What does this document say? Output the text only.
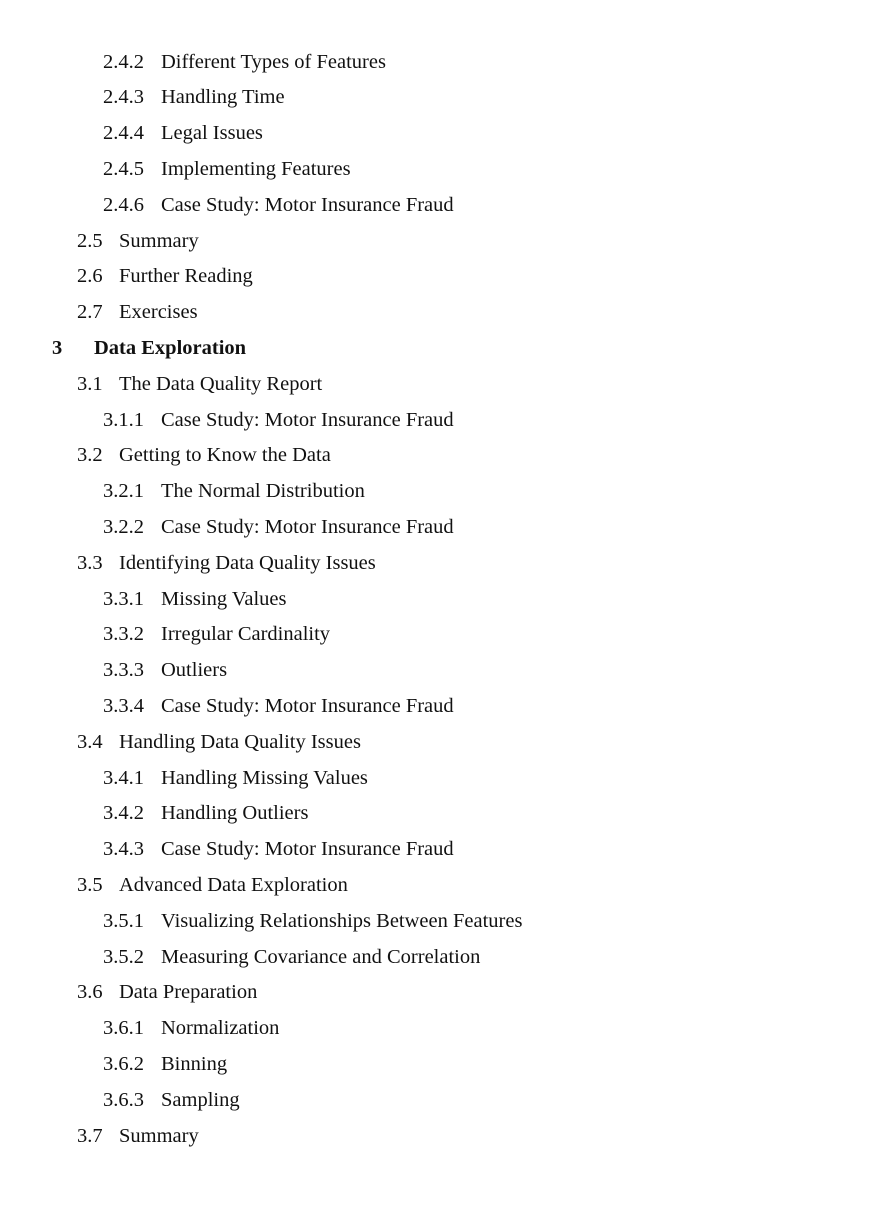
2.4.2 Different Types of Features
2.4.3 Handling Time
2.4.4 Legal Issues
2.4.5 Implementing Features
2.4.6 Case Study: Motor Insurance Fraud
2.5 Summary
2.6 Further Reading
2.7 Exercises
3	Data Exploration
3.1 The Data Quality Report
3.1.1 Case Study: Motor Insurance Fraud
3.2 Getting to Know the Data
3.2.1 The Normal Distribution
3.2.2 Case Study: Motor Insurance Fraud
3.3 Identifying Data Quality Issues
3.3.1 Missing Values
3.3.2 Irregular Cardinality
3.3.3 Outliers
3.3.4 Case Study: Motor Insurance Fraud
3.4 Handling Data Quality Issues
3.4.1 Handling Missing Values
3.4.2 Handling Outliers
3.4.3 Case Study: Motor Insurance Fraud
3.5 Advanced Data Exploration
3.5.1 Visualizing Relationships Between Features
3.5.2 Measuring Covariance and Correlation
3.6 Data Preparation
3.6.1 Normalization
3.6.2 Binning
3.6.3 Sampling
3.7 Summary
